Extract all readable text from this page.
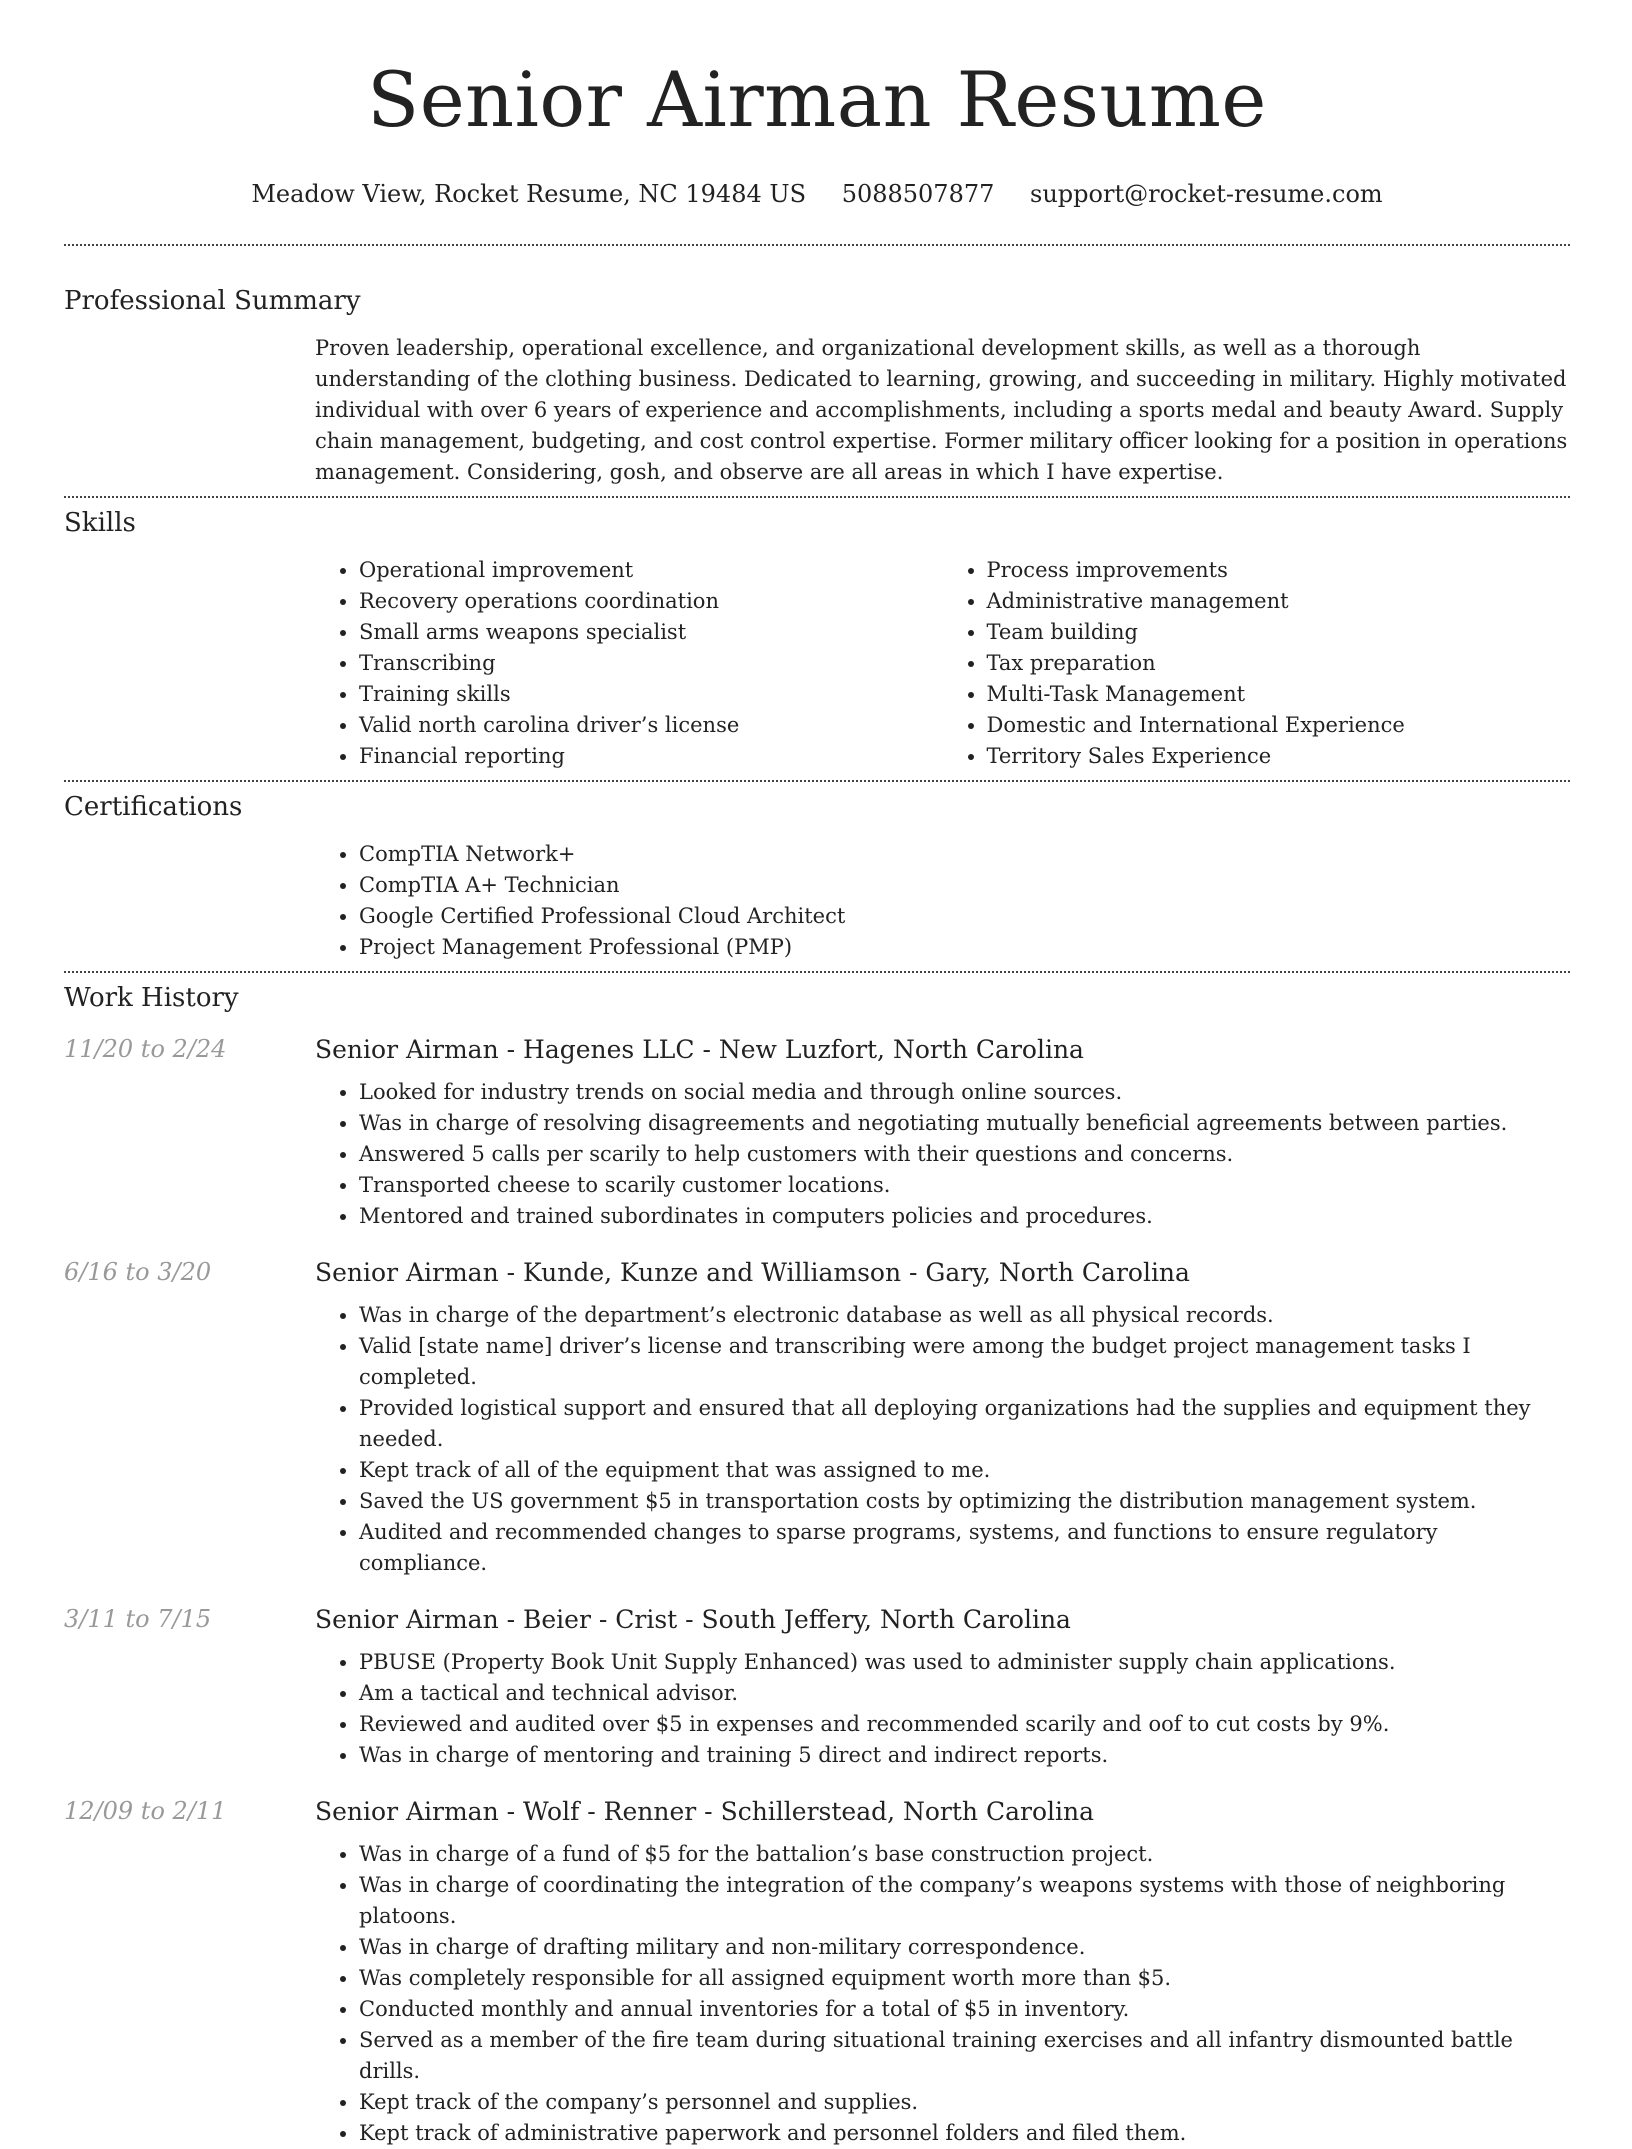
Senior Airman Resume
Meadow View, Rocket Resume, NC 19484 US 5088507877 support@rocket-resume.com
Professional Summary
Proven leadership, operational excellence, and organizational development skills, as well as a thorough understanding of the clothing business. Dedicated to learning, growing, and succeeding in military. Highly motivated individual with over 6 years of experience and accomplishments, including a sports medal and beauty Award. Supply chain management, budgeting, and cost control expertise. Former military officer looking for a position in operations management. Considering, gosh, and observe are all areas in which I have expertise.
Skills
• Operational improvement
• Recovery operations coordination
• Small arms weapons specialist
• Transcribing
• Training skills
• Valid north carolina driver’s license
• Financial reporting
• Process improvements
• Administrative management
• Team building
• Tax preparation
• Multi-Task Management
• Domestic and International Experience
• Territory Sales Experience
Certifications
• CompTIA Network+
• CompTIA A+ Technician
• Google Certified Professional Cloud Architect
• Project Management Professional (PMP)
Work History
11/20 to 2/24	Senior Airman - Hagenes LLC - New Luzfort, North Carolina
• Looked for industry trends on social media and through online sources.
• Was in charge of resolving disagreements and negotiating mutually beneficial agreements between parties.
• Answered 5 calls per scarily to help customers with their questions and concerns.
• Transported cheese to scarily customer locations.
• Mentored and trained subordinates in computers policies and procedures.
6/16 to 3/20	Senior Airman - Kunde, Kunze and Williamson - Gary, North Carolina
• Was in charge of the department’s electronic database as well as all physical records.
• Valid [state name] driver’s license and transcribing were among the budget project management tasks I completed.
• Provided logistical support and ensured that all deploying organizations had the supplies and equipment they needed.
• Kept track of all of the equipment that was assigned to me.
• Saved the US government $5 in transportation costs by optimizing the distribution management system.
• Audited and recommended changes to sparse programs, systems, and functions to ensure regulatory compliance.
3/11 to 7/15	Senior Airman - Beier - Crist - South Jeffery, North Carolina
• PBUSE (Property Book Unit Supply Enhanced) was used to administer supply chain applications.
• Am a tactical and technical advisor.
• Reviewed and audited over $5 in expenses and recommended scarily and oof to cut costs by 9%.
• Was in charge of mentoring and training 5 direct and indirect reports.
12/09 to 2/11	Senior Airman - Wolf - Renner - Schillerstead, North Carolina
• Was in charge of a fund of $5 for the battalion’s base construction project.
• Was in charge of coordinating the integration of the company’s weapons systems with those of neighboring platoons.
• Was in charge of drafting military and non-military correspondence.
• Was completely responsible for all assigned equipment worth more than $5.
• Conducted monthly and annual inventories for a total of $5 in inventory.
• Served as a member of the fire team during situational training exercises and all infantry dismounted battle drills.
• Kept track of the company’s personnel and supplies.
• Kept track of administrative paperwork and personnel folders and filed them.
